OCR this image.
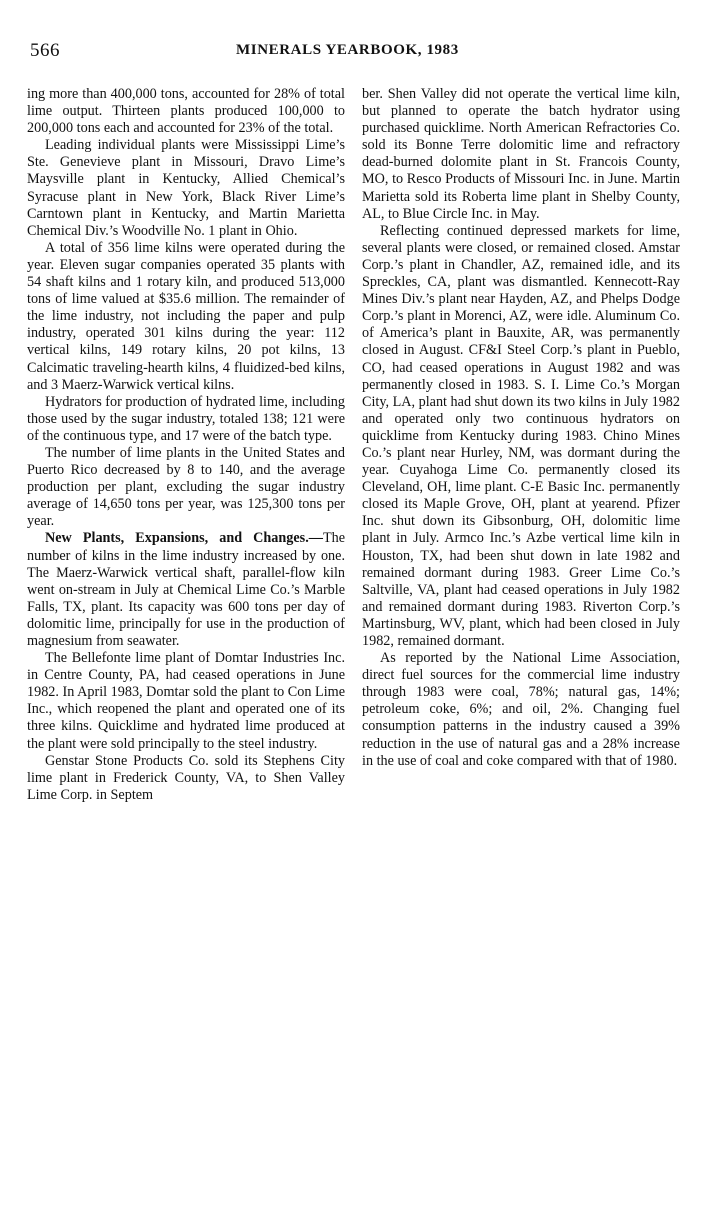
566	MINERALS YEARBOOK, 1983

ing more than 400,000 tons, accounted for 28% of total lime output. Thirteen plants produced 100,000 to 200,000 tons each and accounted for 23% of the total.

Leading individual plants were Mississippi Lime’s Ste. Genevieve plant in Missouri, Dravo Lime’s Maysville plant in Kentucky, Allied Chemical’s Syracuse plant in New York, Black River Lime’s Carntown plant in Kentucky, and Martin Marietta Chemical Div.’s Woodville No. 1 plant in Ohio.

A total of 356 lime kilns were operated during the year. Eleven sugar companies operated 35 plants with 54 shaft kilns and 1 rotary kiln, and produced 513,000 tons of lime valued at $35.6 million. The remainder of the lime industry, not including the paper and pulp industry, operated 301 kilns during the year: 112 vertical kilns, 149 rotary kilns, 20 pot kilns, 13 Calcimatic traveling-hearth kilns, 4 fluidized-bed kilns, and 3 Maerz-Warwick vertical kilns.

Hydrators for production of hydrated lime, including those used by the sugar industry, totaled 138; 121 were of the continuous type, and 17 were of the batch type.

The number of lime plants in the United States and Puerto Rico decreased by 8 to 140, and the average production per plant, excluding the sugar industry average of 14,650 tons per year, was 125,300 tons per year.

New Plants, Expansions, and Changes.—The number of kilns in the lime industry increased by one. The Maerz-Warwick vertical shaft, parallel-flow kiln went on-stream in July at Chemical Lime Co.’s Marble Falls, TX, plant. Its capacity was 600 tons per day of dolomitic lime, principally for use in the production of magnesium from seawater.

The Bellefonte lime plant of Domtar Industries Inc. in Centre County, PA, had ceased operations in June 1982. In April 1983, Domtar sold the plant to Con Lime Inc., which reopened the plant and operated one of its three kilns. Quicklime and hydrated lime produced at the plant were sold principally to the steel industry.

Genstar Stone Products Co. sold its Stephens City lime plant in Frederick County, VA, to Shen Valley Lime Corp. in Septem

ber. Shen Valley did not operate the vertical lime kiln, but planned to operate the batch hydrator using purchased quicklime. North American Refractories Co. sold its Bonne Terre dolomitic lime and refractory dead-burned dolomite plant in St. Francois County, MO, to Resco Products of Missouri Inc. in June. Martin Marietta sold its Roberta lime plant in Shelby County, AL, to Blue Circle Inc. in May.

Reflecting continued depressed markets for lime, several plants were closed, or remained closed. Amstar Corp.’s plant in Chandler, AZ, remained idle, and its Spreckles, CA, plant was dismantled. Kennecott-Ray Mines Div.’s plant near Hayden, AZ, and Phelps Dodge Corp.’s plant in Morenci, AZ, were idle. Aluminum Co. of America’s plant in Bauxite, AR, was permanently closed in August. CF&I Steel Corp.’s plant in Pueblo, CO, had ceased operations in August 1982 and was permanently closed in 1983. S. I. Lime Co.’s Morgan City, LA, plant had shut down its two kilns in July 1982 and operated only two continuous hydrators on quicklime from Kentucky during 1983. Chino Mines Co.’s plant near Hurley, NM, was dormant during the year. Cuyahoga Lime Co. permanently closed its Cleveland, OH, lime plant. C-E Basic Inc. permanently closed its Maple Grove, OH, plant at yearend. Pfizer Inc. shut down its Gibsonburg, OH, dolomitic lime plant in July. Armco Inc.’s Azbe vertical lime kiln in Houston, TX, had been shut down in late 1982 and remained dormant during 1983. Greer Lime Co.’s Saltville, VA, plant had ceased operations in July 1982 and remained dormant during 1983. Riverton Corp.’s Martinsburg, WV, plant, which had been closed in July 1982, remained dormant.

As reported by the National Lime Association, direct fuel sources for the commercial lime industry through 1983 were coal, 78%; natural gas, 14%; petroleum coke, 6%; and oil, 2%. Changing fuel consumption patterns in the industry caused a 39% reduction in the use of natural gas and a 28% increase in the use of coal and coke compared with that of 1980.
